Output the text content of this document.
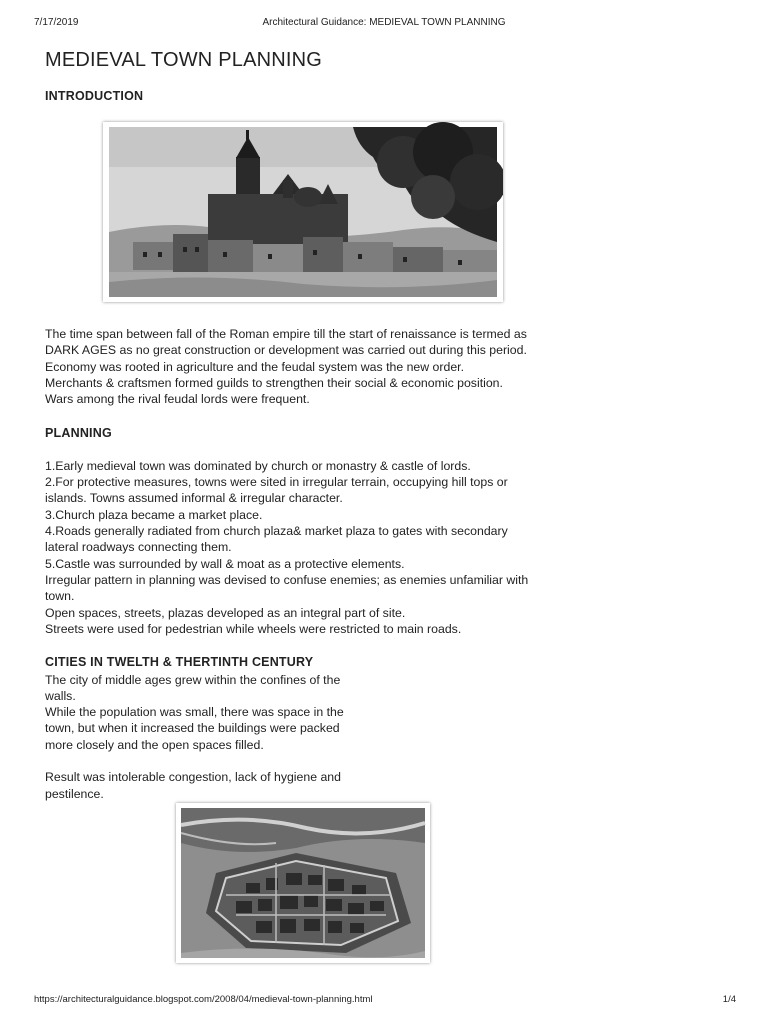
7/17/2019	Architectural Guidance: MEDIEVAL TOWN PLANNING
MEDIEVAL TOWN PLANNING
INTRODUCTION

The time span between fall of the Roman empire till the start of renaissance is termed as

DARK AGES as no great construction or development was carried out during this period.

Economy was rooted in agriculture and the feudal system was the new order.

Merchants & craftsmen formed guilds to strengthen their social & economic position.

Wars among the rival feudal lords were frequent.

PLANNING

1.Early medieval town was dominated by church or monastry & castle of lords.

2.For protective measures, towns were sited in irregular terrain, occupying hill tops or

islands. Towns assumed informal & irregular character.

3.Church plaza became a market place.

4.Roads generally radiated from church plaza& market plaza to gates with secondary

lateral roadways connecting them.

5.Castle was surrounded by wall & moat as a protective elements.

Irregular pattern in planning was devised to confuse enemies; as enemies unfamiliar with

town.

Open spaces, streets, plazas developed as an integral part of site.

Streets were used for pedestrian while wheels were restricted to main roads.

CITIES IN TWELTH & THERTINTH CENTURY

The city of middle ages grew within the confines of the

walls.

While the population was small, there was space in the

town, but when it increased the buildings were packed

more closely and the open spaces filled.

Result was intolerable congestion, lack of hygiene and

pestilence.

https://architecturalguidance.blogspot.com/2008/04/medieval-town-planning.html	1/4
